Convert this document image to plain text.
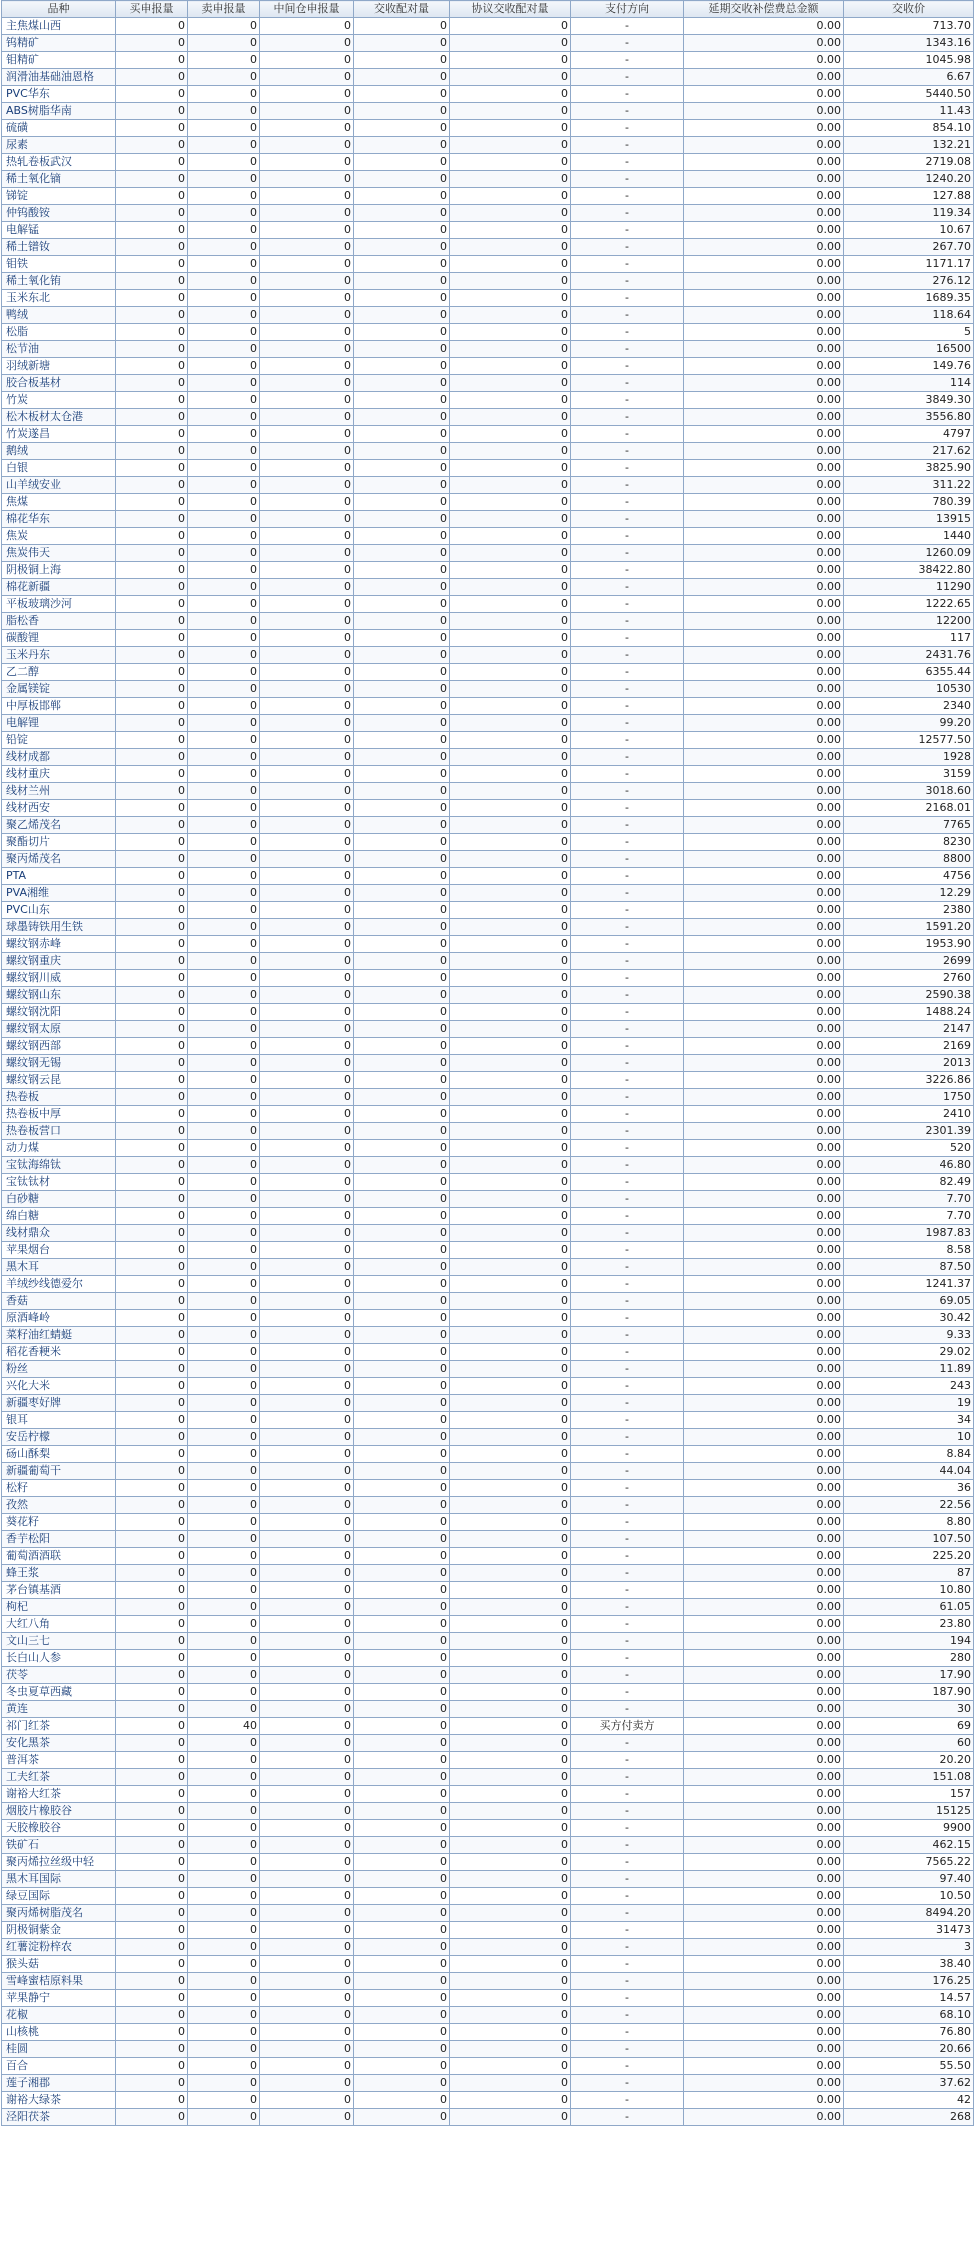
品种	买申报量	卖申报量	中间仓申报量	交收配对量	协议交收配对量	支付方向	延期交收补偿费总金额	交收价
主焦煤山西	0	0	0	0	0	-	0.00	713.70
钨精矿	0	0	0	0	0	-	0.00	1343.16
钼精矿	0	0	0	0	0	-	0.00	1045.98
润滑油基础油恩格	0	0	0	0	0	-	0.00	6.67
PVC华东	0	0	0	0	0	-	0.00	5440.50
ABS树脂华南	0	0	0	0	0	-	0.00	11.43
硫磺	0	0	0	0	0	-	0.00	854.10
尿素	0	0	0	0	0	-	0.00	132.21
热轧卷板武汉	0	0	0	0	0	-	0.00	2719.08
稀土氧化镝	0	0	0	0	0	-	0.00	1240.20
锑锭	0	0	0	0	0	-	0.00	127.88
仲钨酸铵	0	0	0	0	0	-	0.00	119.34
电解锰	0	0	0	0	0	-	0.00	10.67
稀土镨钕	0	0	0	0	0	-	0.00	267.70
钼铁	0	0	0	0	0	-	0.00	1171.17
稀土氧化铕	0	0	0	0	0	-	0.00	276.12
玉米东北	0	0	0	0	0	-	0.00	1689.35
鸭绒	0	0	0	0	0	-	0.00	118.64
松脂	0	0	0	0	0	-	0.00	5
松节油	0	0	0	0	0	-	0.00	16500
羽绒新塘	0	0	0	0	0	-	0.00	149.76
胶合板基材	0	0	0	0	0	-	0.00	114
竹炭	0	0	0	0	0	-	0.00	3849.30
松木板材太仓港	0	0	0	0	0	-	0.00	3556.80
竹炭遂昌	0	0	0	0	0	-	0.00	4797
鹅绒	0	0	0	0	0	-	0.00	217.62
白银	0	0	0	0	0	-	0.00	3825.90
山羊绒安业	0	0	0	0	0	-	0.00	311.22
焦煤	0	0	0	0	0	-	0.00	780.39
棉花华东	0	0	0	0	0	-	0.00	13915
焦炭	0	0	0	0	0	-	0.00	1440
焦炭伟天	0	0	0	0	0	-	0.00	1260.09
阴极铜上海	0	0	0	0	0	-	0.00	38422.80
棉花新疆	0	0	0	0	0	-	0.00	11290
平板玻璃沙河	0	0	0	0	0	-	0.00	1222.65
脂松香	0	0	0	0	0	-	0.00	12200
碳酸锂	0	0	0	0	0	-	0.00	117
玉米丹东	0	0	0	0	0	-	0.00	2431.76
乙二醇	0	0	0	0	0	-	0.00	6355.44
金属镁锭	0	0	0	0	0	-	0.00	10530
中厚板邯郸	0	0	0	0	0	-	0.00	2340
电解锂	0	0	0	0	0	-	0.00	99.20
铅锭	0	0	0	0	0	-	0.00	12577.50
线材成都	0	0	0	0	0	-	0.00	1928
线材重庆	0	0	0	0	0	-	0.00	3159
线材兰州	0	0	0	0	0	-	0.00	3018.60
线材西安	0	0	0	0	0	-	0.00	2168.01
聚乙烯茂名	0	0	0	0	0	-	0.00	7765
聚酯切片	0	0	0	0	0	-	0.00	8230
聚丙烯茂名	0	0	0	0	0	-	0.00	8800
PTA	0	0	0	0	0	-	0.00	4756
PVA湘维	0	0	0	0	0	-	0.00	12.29
PVC山东	0	0	0	0	0	-	0.00	2380
球墨铸铁用生铁	0	0	0	0	0	-	0.00	1591.20
螺纹钢赤峰	0	0	0	0	0	-	0.00	1953.90
螺纹钢重庆	0	0	0	0	0	-	0.00	2699
螺纹钢川威	0	0	0	0	0	-	0.00	2760
螺纹钢山东	0	0	0	0	0	-	0.00	2590.38
螺纹钢沈阳	0	0	0	0	0	-	0.00	1488.24
螺纹钢太原	0	0	0	0	0	-	0.00	2147
螺纹钢西部	0	0	0	0	0	-	0.00	2169
螺纹钢无锡	0	0	0	0	0	-	0.00	2013
螺纹钢云昆	0	0	0	0	0	-	0.00	3226.86
热卷板	0	0	0	0	0	-	0.00	1750
热卷板中厚	0	0	0	0	0	-	0.00	2410
热卷板营口	0	0	0	0	0	-	0.00	2301.39
动力煤	0	0	0	0	0	-	0.00	520
宝钛海绵钛	0	0	0	0	0	-	0.00	46.80
宝钛钛材	0	0	0	0	0	-	0.00	82.49
白砂糖	0	0	0	0	0	-	0.00	7.70
绵白糖	0	0	0	0	0	-	0.00	7.70
线材鼎众	0	0	0	0	0	-	0.00	1987.83
苹果烟台	0	0	0	0	0	-	0.00	8.58
黑木耳	0	0	0	0	0	-	0.00	87.50
羊绒纱线德爱尔	0	0	0	0	0	-	0.00	1241.37
香菇	0	0	0	0	0	-	0.00	69.05
原酒峰岭	0	0	0	0	0	-	0.00	30.42
菜籽油红蜻蜓	0	0	0	0	0	-	0.00	9.33
稻花香粳米	0	0	0	0	0	-	0.00	29.02
粉丝	0	0	0	0	0	-	0.00	11.89
兴化大米	0	0	0	0	0	-	0.00	243
新疆枣好牌	0	0	0	0	0	-	0.00	19
银耳	0	0	0	0	0	-	0.00	34
安岳柠檬	0	0	0	0	0	-	0.00	10
砀山酥梨	0	0	0	0	0	-	0.00	8.84
新疆葡萄干	0	0	0	0	0	-	0.00	44.04
松籽	0	0	0	0	0	-	0.00	36
孜然	0	0	0	0	0	-	0.00	22.56
葵花籽	0	0	0	0	0	-	0.00	8.80
香芋松阳	0	0	0	0	0	-	0.00	107.50
葡萄酒酒联	0	0	0	0	0	-	0.00	225.20
蜂王浆	0	0	0	0	0	-	0.00	87
茅台镇基酒	0	0	0	0	0	-	0.00	10.80
枸杞	0	0	0	0	0	-	0.00	61.05
大红八角	0	0	0	0	0	-	0.00	23.80
文山三七	0	0	0	0	0	-	0.00	194
长白山人参	0	0	0	0	0	-	0.00	280
茯苓	0	0	0	0	0	-	0.00	17.90
冬虫夏草西藏	0	0	0	0	0	-	0.00	187.90
黄连	0	0	0	0	0	-	0.00	30
祁门红茶	0	40	0	0	0	买方付卖方	0.00	69
安化黑茶	0	0	0	0	0	-	0.00	60
普洱茶	0	0	0	0	0	-	0.00	20.20
工夫红茶	0	0	0	0	0	-	0.00	151.08
谢裕大红茶	0	0	0	0	0	-	0.00	157
烟胶片橡胶谷	0	0	0	0	0	-	0.00	15125
天胶橡胶谷	0	0	0	0	0	-	0.00	9900
铁矿石	0	0	0	0	0	-	0.00	462.15
聚丙烯拉丝级中轻	0	0	0	0	0	-	0.00	7565.22
黑木耳国际	0	0	0	0	0	-	0.00	97.40
绿豆国际	0	0	0	0	0	-	0.00	10.50
聚丙烯树脂茂名	0	0	0	0	0	-	0.00	8494.20
阴极铜紫金	0	0	0	0	0	-	0.00	31473
红薯淀粉梓农	0	0	0	0	0	-	0.00	3
猴头菇	0	0	0	0	0	-	0.00	38.40
雪峰蜜桔原料果	0	0	0	0	0	-	0.00	176.25
苹果静宁	0	0	0	0	0	-	0.00	14.57
花椒	0	0	0	0	0	-	0.00	68.10
山核桃	0	0	0	0	0	-	0.00	76.80
桂圆	0	0	0	0	0	-	0.00	20.66
百合	0	0	0	0	0	-	0.00	55.50
莲子湘郡	0	0	0	0	0	-	0.00	37.62
谢裕大绿茶	0	0	0	0	0	-	0.00	42
泾阳茯茶	0	0	0	0	0	-	0.00	268
